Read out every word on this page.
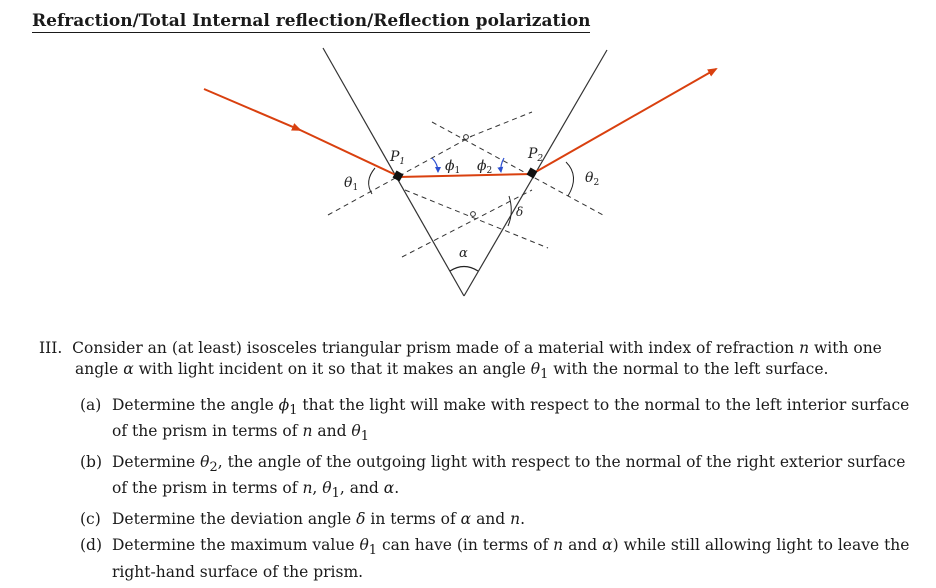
Refraction/Total Internal reflection/Reflection polarization
$P_1$	$P_2$
$\theta_1$
$\theta_2$
$\phi_1$ $\phi_2$
α
δ

III. Consider an (at least) isosceles triangular prism made of a material with index of refraction n with one angle α with light incident on it so that it makes an angle $\theta_1$ with the normal to the left surface.

(a) Determine the angle $\phi_1$ that the light will make with respect to the normal to the left interior surface of the prism in terms of n and $\theta_1$
(b) Determine $\theta_2$, the angle of the outgoing light with respect to the normal of the right exterior surface of the prism in terms of n, $\theta_1$, and α.
(c) Determine the deviation angle δ in terms of α and n.
(d) Determine the maximum value $\theta_1$ can have (in terms of n and α) while still allowing light to leave the right-hand surface of the prism.
